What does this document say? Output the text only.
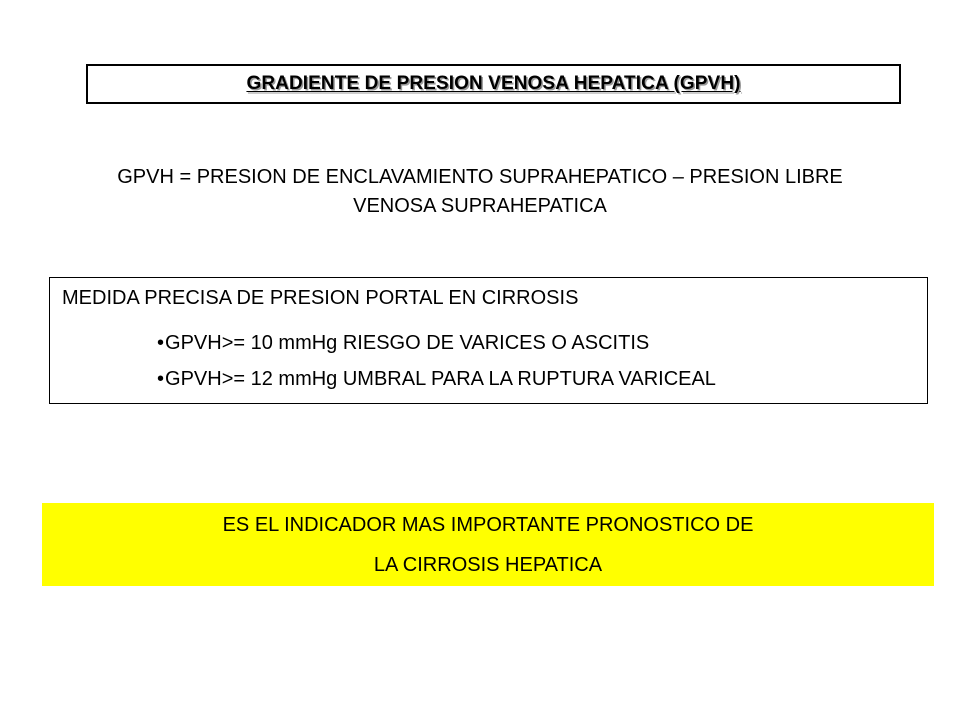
GRADIENTE DE PRESION VENOSA HEPATICA (GPVH)
GPVH = PRESION DE ENCLAVAMIENTO SUPRAHEPATICO – PRESION LIBRE
VENOSA SUPRAHEPATICA
MEDIDA PRECISA DE PRESION PORTAL EN CIRROSIS
•GPVH>= 10 mmHg RIESGO DE VARICES O ASCITIS
•GPVH>= 12 mmHg UMBRAL PARA LA RUPTURA VARICEAL
ES EL INDICADOR MAS IMPORTANTE PRONOSTICO DE
LA CIRROSIS HEPATICA
